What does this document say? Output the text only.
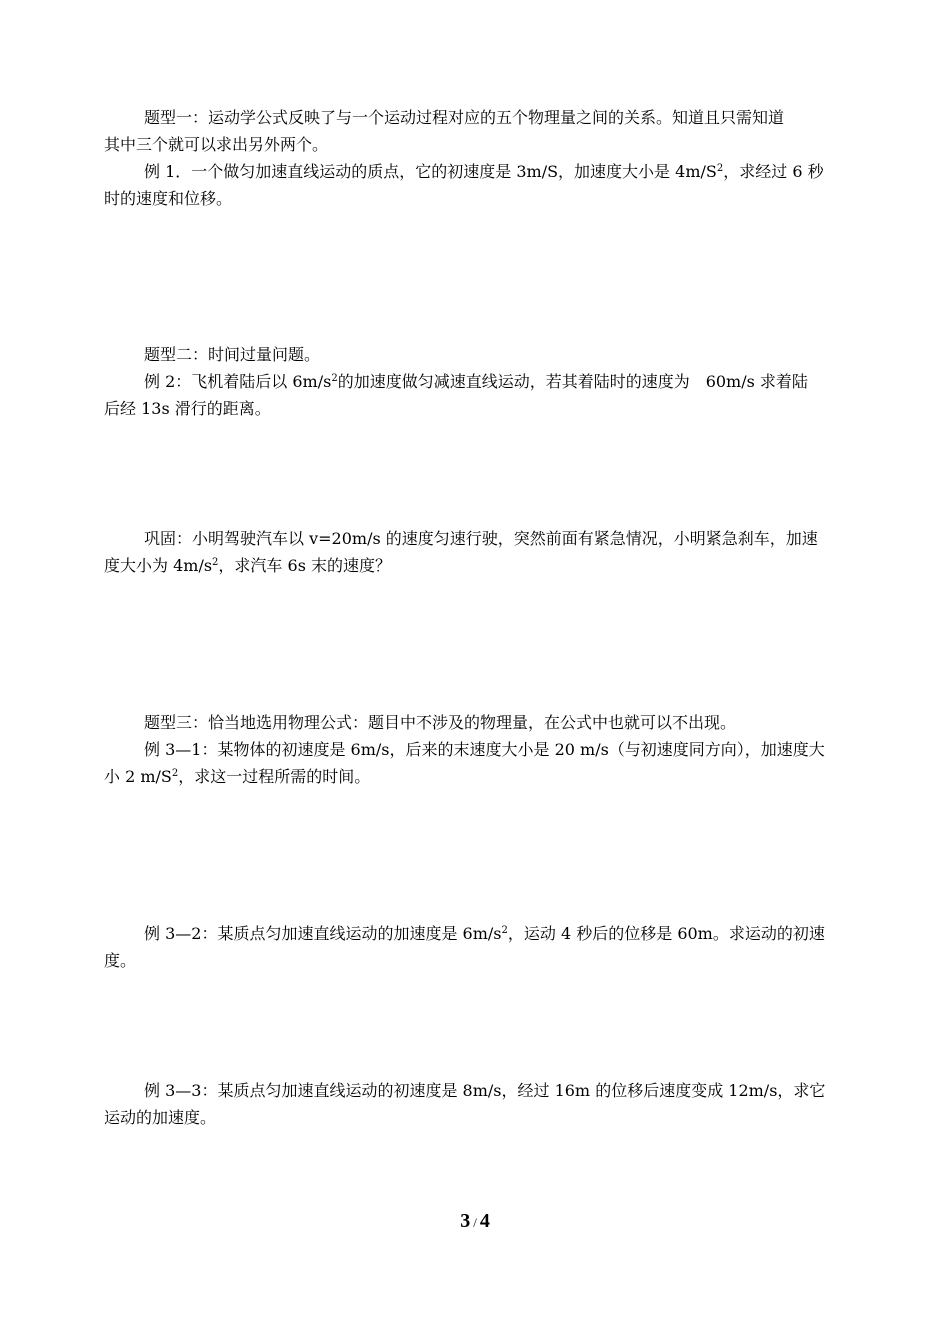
题型一：运动学公式反映了与一个运动过程对应的五个物理量之间的关系。知道且只需知道
其中三个就可以求出另外两个。
例 1．一个做匀加速直线运动的质点，它的初速度是 3m/S，加速度大小是 $4m/S^2$，求经过 6 秒
时的速度和位移。
题型二：时间过量问题。
例 2：飞机着陆后以 $6m/s^2$的加速度做匀减速直线运动，若其着陆时的速度为　60m/s 求着陆
后经 13s 滑行的距离。
巩固：小明驾驶汽车以 v=20m/s 的速度匀速行驶，突然前面有紧急情况，小明紧急刹车，加速
度大小为 $4m/s^2$，求汽车 6s 末的速度？
题型三：恰当地选用物理公式：题目中不涉及的物理量，在公式中也就可以不出现。
例 3—1：某物体的初速度是 6m/s，后来的末速度大小是 20 m/s（与初速度同方向），加速度大
小 2 $m/S^2$，求这一过程所需的时间。
例 3—2：某质点匀加速直线运动的加速度是 $6m/s^2$，运动 4 秒后的位移是 60m。求运动的初速
度。
例 3—3：某质点匀加速直线运动的初速度是 8m/s，经过 16m 的位移后速度变成 12m/s，求它
运动的加速度。
3 / 4
